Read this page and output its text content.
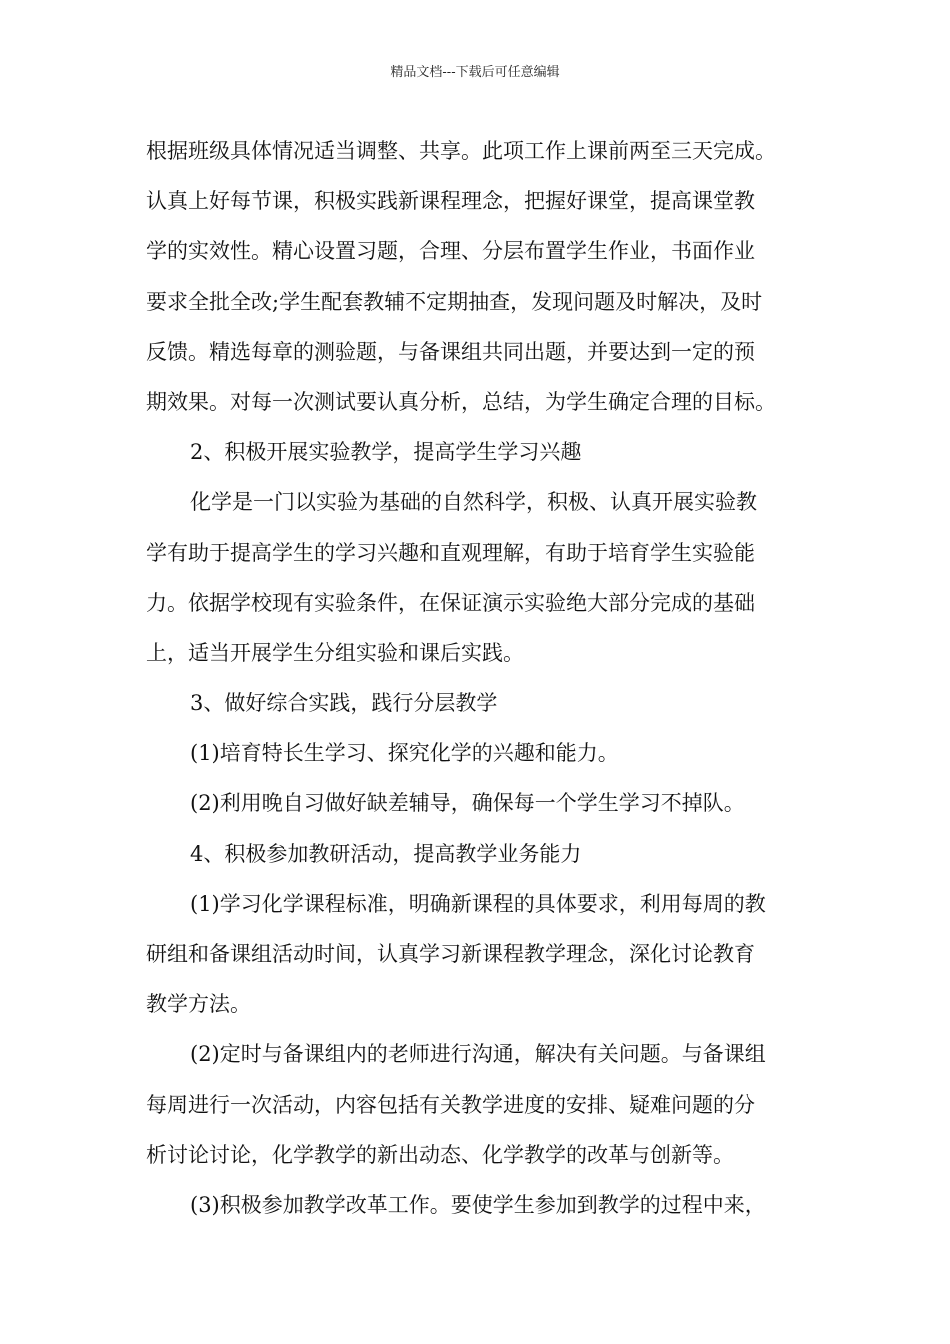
精品文档---下载后可任意编辑
根据班级具体情况适当调整、共享。此项工作上课前两至三天完成。
认真上好每节课，积极实践新课程理念，把握好课堂，提高课堂教
学的实效性。精心设置习题，合理、分层布置学生作业，书面作业
要求全批全改;学生配套教辅不定期抽查，发现问题及时解决，及时
反馈。精选每章的测验题，与备课组共同出题，并要达到一定的预
期效果。对每一次测试要认真分析，总结，为学生确定合理的目标。
2、积极开展实验教学，提高学生学习兴趣
化学是一门以实验为基础的自然科学，积极、认真开展实验教
学有助于提高学生的学习兴趣和直观理解，有助于培育学生实验能
力。依据学校现有实验条件，在保证演示实验绝大部分完成的基础
上，适当开展学生分组实验和课后实践。
3、做好综合实践，践行分层教学
(1)培育特长生学习、探究化学的兴趣和能力。
(2)利用晚自习做好缺差辅导，确保每一个学生学习不掉队。
4、积极参加教研活动，提高教学业务能力
(1)学习化学课程标准，明确新课程的具体要求，利用每周的教
研组和备课组活动时间，认真学习新课程教学理念，深化讨论教育
教学方法。
(2)定时与备课组内的老师进行沟通，解决有关问题。与备课组
每周进行一次活动，内容包括有关教学进度的安排、疑难问题的分
析讨论讨论，化学教学的新出动态、化学教学的改革与创新等。
(3)积极参加教学改革工作。要使学生参加到教学的过程中来，
